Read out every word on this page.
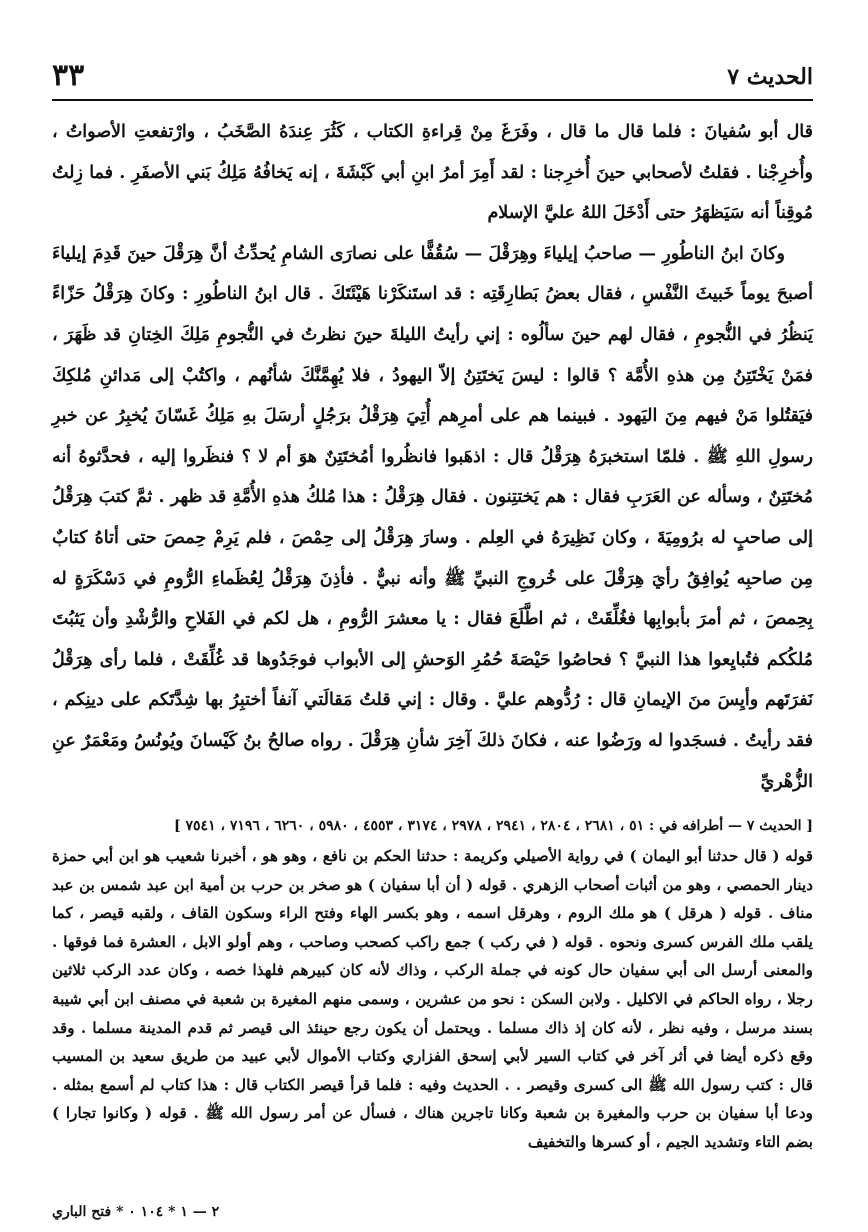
الحديث ٧
٣٣

قال أبو سُفيانَ : فلما قال ما قال ، وفَرَغَ مِنْ قِراءةِ الكتاب ، كَثُرَ عِندَهُ الصَّخَبُ ، وارْتفعتِ الأصواتُ ، وأُخرِجْنا . فقلتُ لأصحابي حينَ أُخرِجنا : لقد أَمِرَ أمرُ ابنِ أبي كَبْشَةَ ، إنه يَخافُهُ مَلِكُ بَني الأصفَرِ . فما زِلتُ مُوقِناً أنه سَيَظهَرُ حتى أَدْخَلَ اللهُ عليَّ الإسلام

وكانَ ابنُ الناطُورِ — صاحبُ إيلياءَ وهِرَقْلَ — سُقُفًّا على نصارَى الشامِ يُحدِّثُ أنَّ هِرَقْلَ حينَ قَدِمَ إيلياءَ أصبحَ يوماً خَبيثَ النَّفْسِ ، فقال بعضُ بَطارِقَتِه : قد استَنكَرْنا هَيْئَتَكَ . قال ابنُ الناطُورِ : وكانَ هِرَقْلُ حَزّاءً يَنظُرُ في النُّجومِ ، فقال لهم حينَ سألُوه : إني رأيتُ الليلةَ حينَ نظرتُ في النُّجومِ مَلِكَ الخِتانِ قد ظَهَرَ ، فمَنْ يَخْتَتِنُ مِن هذهِ الأُمَّة ؟ قالوا : ليسَ يَختَتِنُ إلاّ اليهودُ ، فلا يُهِمَّنَّكَ شأنُهم ، واكتُبْ إلى مَدائنِ مُلكِكَ فيَقتُلوا مَنْ فيهم مِنَ اليَهود . فبينما هم على أمرِهم أُتِيَ هِرَقْلُ برَجُلٍ أرسَلَ بهِ مَلِكُ غَسّانَ يُخبِرُ عن خبرِ رسولِ اللهِ ﷺ . فلمّا استخبرَهُ هِرَقْلُ قال : اذهَبوا فانظُروا أمُختَتِنٌ هوَ أم لا ؟ فنظَروا إليه ، فحدَّثوهُ أنه مُختَتِنٌ ، وسأله عن العَرَبِ فقال : هم يَختتِنون . فقال هِرَقْلُ : هذا مُلكُ هذهِ الأُمَّةِ قد ظهر . ثمَّ كتبَ هِرَقْلُ إلى صاحبٍ له برُومِيَةَ ، وكان نَظِيرَهُ في العِلم . وسارَ هِرَقْلُ إلى حِمْصَ ، فلم يَرِمْ حِمصَ حتى أتاهُ كتابٌ مِن صاحبِه يُوافِقُ رأيَ هِرَقْلَ على خُروجِ النبيِّ ﷺ وأنه نبيٌّ . فأذِنَ هِرَقْلُ لِعُظَماءِ الرُّومِ في دَسْكَرَةٍ له بِحِمصَ ، ثم أمرَ بأبوابِها فغُلِّقَتْ ، ثم اطَّلَعَ فقال : يا معشرَ الرُّومِ ، هل لكم في الفَلاحِ والرُّشْدِ وأن يَثبُتَ مُلكُكم فتُبايِعوا هذا النبيَّ ؟ فحاصُوا حَيْصَةَ حُمُرِ الوَحشِ إلى الأبواب فوجَدُوها قد غُلِّقَتْ ، فلما رأى هِرَقْلُ نَفرَتَهم وأيِسَ منَ الإيمانِ قال : رُدُّوهم عليَّ . وقال : إني قلتُ مَقالَتي آنفاً أختبِرُ بها شِدَّتَكم على دينِكم ، فقد رأيتُ . فسجَدوا له ورَضُوا عنه ، فكانَ ذلكَ آخِرَ شأنِ هِرَقْلَ . رواه صالحُ بنُ كَيْسانَ ويُونُسُ ومَعْمَرٌ عنِ الزُّهْريِّ

[ الحديث ٧ — أطرافه في : ٥١ ، ٢٦٨١ ، ٢٨٠٤ ، ٢٩٤١ ، ٢٩٧٨ ، ٣١٧٤ ، ٤٥٥٣ ، ٥٩٨٠ ، ٦٢٦٠ ، ٧١٩٦ ، ٧٥٤١ ]

قوله ( قال حدثنا أبو اليمان ) في رواية الأصيلي وكريمة : حدثنا الحكم بن نافع ، وهو هو ، أخبرنا شعيب هو ابن أبي حمزة دينار الحمصي ، وهو من أثبات أصحاب الزهري . قوله ( أن أبا سفيان ) هو صخر بن حرب بن أمية ابن عبد شمس بن عبد مناف . قوله ( هرقل ) هو ملك الروم ، وهرقل اسمه ، وهو بكسر الهاء وفتح الراء وسكون القاف ، ولقبه قيصر ، كما يلقب ملك الفرس كسرى ونحوه . قوله ( في ركب ) جمع راكب كصحب وصاحب ، وهم أولو الابل ، العشرة فما فوقها . والمعنى أرسل الى أبي سفيان حال كونه في جملة الركب ، وذاك لأنه كان كبيرهم فلهذا خصه ، وكان عدد الركب ثلاثين رجلا ، رواه الحاكم في الاكليل . ولابن السكن : نحو من عشرين ، وسمى منهم المغيرة بن شعبة في مصنف ابن أبي شيبة بسند مرسل ، وفيه نظر ، لأنه كان إذ ذاك مسلما . ويحتمل أن يكون رجع حينئذ الى قيصر ثم قدم المدينة مسلما . وقد وقع ذكره أيضا في أثر آخر في كتاب السير لأبي إسحق الفزاري وكتاب الأموال لأبي عبيد من طريق سعيد بن المسيب قال : كتب رسول الله ﷺ الى كسرى وقيصر . . الحديث وفيه : فلما قرأ قيصر الكتاب قال : هذا كتاب لم أسمع بمثله . ودعا أبا سفيان بن حرب والمغيرة بن شعبة وكانا تاجرين هناك ، فسأل عن أمر رسول الله ﷺ . قوله ( وكانوا تجارا ) بضم التاء وتشديد الجيم ، أو كسرها والتخفيف

٢ — ١ * ١٠٤ ٠ * فتح الباري
